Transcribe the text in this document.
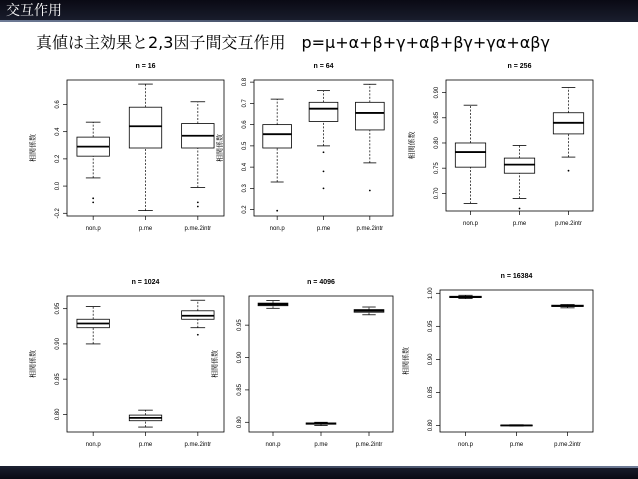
交互作用
真値は主効果と2,3因子間交互作用 p=μ+α+β+γ+αβ+βγ+γα+αβγ
n = 16
相関係数
-0.2
0.0
0.2
0.4
0.6
non.p	p.me	p.me.2intr
n = 64
相関係数
0.2
0.3
0.4
0.5
0.6
0.7
0.8
non.p	p.me	p.me.2intr
n = 256
相関係数
0.70
0.75
0.80
0.85
0.90
non.p	p.me	p.me.2intr
n = 1024
相関係数
0.80
0.85
0.90
0.95
non.p	p.me	p.me.2intr
n = 4096
相関係数
0.80
0.85
0.90
0.95
non.p	p.me	p.me.2intr
n = 16384
相関係数
0.80
0.85
0.90
0.95
1.00
non.p	p.me	p.me.2intr
